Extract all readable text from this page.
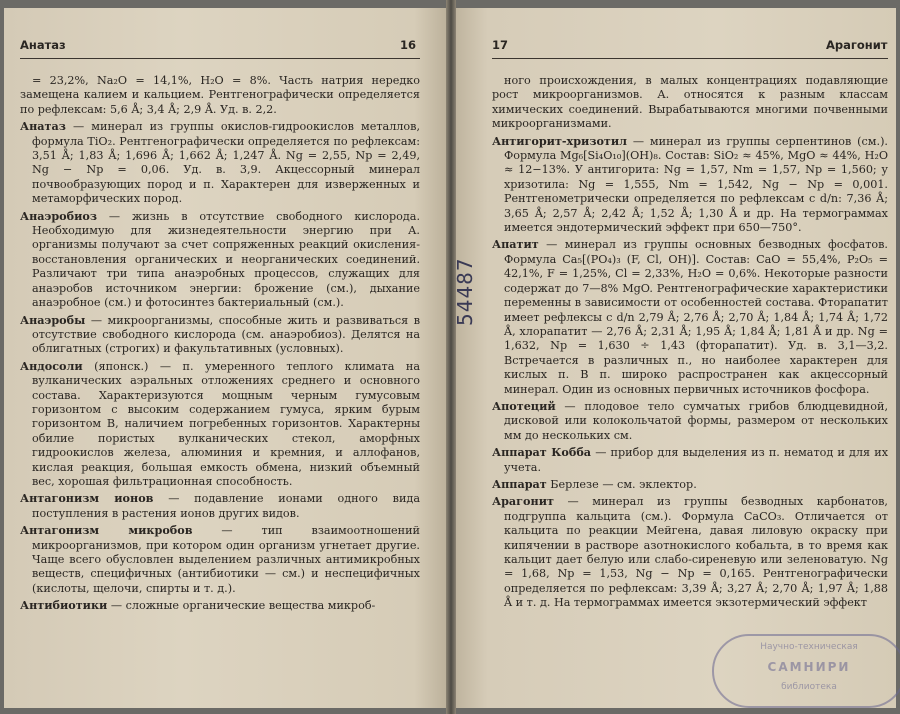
Анатаз	16

= 23,2%, Na₂O = 14,1%, H₂O = 8%. Часть натрия нередко замещена калием и кальцием. Рентгенографически определяется по рефлексам: 5,6 Å; 3,4 Å; 2,9 Å. Уд. в. 2,2.

Анатаз — минерал из группы окислов-гидроокислов металлов, формула TiO₂. Рентгенографически определяется по рефлексам: 3,51 Å; 1,83 Å; 1,696 Å; 1,662 Å; 1,247 Å. Ng = 2,55, Np = 2,49, Ng − Np = 0,06. Уд. в. 3,9. Акцессорный минерал почвообразующих пород и п. Характерен для изверженных и метаморфических пород.

Анаэробиоз — жизнь в отсутствие свободного кислорода. Необходимую для жизнедеятельности энергию при А. организмы получают за счет сопряженных реакций окисления-восстановления органических и неорганических соединений. Различают три типа анаэробных процессов, служащих для анаэробов источником энергии: брожение (см.), дыхание анаэробное (см.) и фотосинтез бактериальный (см.).

Анаэробы — микроорганизмы, способные жить и развиваться в отсутствие свободного кислорода (см. анаэробиоз). Делятся на облигатных (строгих) и факультативных (условных).

Андосоли (японск.) — п. умеренного теплого климата на вулканических аэральных отложениях среднего и основного состава. Характеризуются мощным черным гумусовым горизонтом с высоким содержанием гумуса, ярким бурым горизонтом B, наличием погребенных горизонтов. Характерны обилие пористых вулканических стекол, аморфных гидроокислов железа, алюминия и кремния, и аллофанов, кислая реакция, большая емкость обмена, низкий объемный вес, хорошая фильтрационная способность.

Антагонизм ионов — подавление ионами одного вида поступления в растения ионов других видов.

Антагонизм микробов — тип взаимоотношений микроорганизмов, при котором один организм угнетает другие. Чаще всего обусловлен выделением различных антимикробных веществ, специфичных (антибиотики — см.) и неспецифичных (кислоты, щелочи, спирты и т. д.).

Антибиотики — сложные органические вещества микроб-

17	Арагонит

ного происхождения, в малых концентрациях подавляющие рост микроорганизмов. А. относятся к разным классам химических соединений. Вырабатываются многими почвенными микроорганизмами.

Антигорит-хризотил — минерал из группы серпентинов (см.). Формула Mg₆[Si₄O₁₀](OH)₈. Состав: SiO₂ ≈ 45%, MgO ≈ 44%, H₂O ≈ 12−13%. У антигорита: Ng = 1,57, Nm = 1,57, Np = 1,560; у хризотила: Ng = 1,555, Nm = 1,542, Ng − Np = 0,001. Рентгенометрически определяется по рефлексам с d/n: 7,36 Å; 3,65 Å; 2,57 Å; 2,42 Å; 1,52 Å; 1,30 Å и др. На термограммах имеется эндотермический эффект при 650—750°.

Апатит — минерал из группы основных безводных фосфатов. Формула Ca₅[(PO₄)₃ (F, Cl, OH)]. Состав: CaO = 55,4%, P₂O₅ = 42,1%, F = 1,25%, Cl = 2,33%, H₂O = 0,6%. Некоторые разности содержат до 7—8% MgO. Рентгенографические характеристики переменны в зависимости от особенностей состава. Фторапатит имеет рефлексы с d/n 2,79 Å; 2,76 Å; 2,70 Å; 1,84 Å; 1,74 Å; 1,72 Å, хлорапатит — 2,76 Å; 2,31 Å; 1,95 Å; 1,84 Å; 1,81 Å и др. Ng = 1,632, Np = 1,630 ÷ 1,43 (фторапатит). Уд. в. 3,1—3,2. Встречается в различных п., но наиболее характерен для кислых п. В п. широко распространен как акцессорный минерал. Один из основных первичных источников фосфора.

Апотеций — плодовое тело сумчатых грибов блюдцевидной, дисковой или колокольчатой формы, размером от нескольких мм до нескольких см.

Аппарат Кобба — прибор для выделения из п. нематод и для их учета.

Аппарат Берлезе — см. эклектор.

Арагонит — минерал из группы безводных карбонатов, подгруппа кальцита (см.). Формула CaCO₃. Отличается от кальцита по реакции Мейгена, давая лиловую окраску при кипячении в растворе азотнокислого кобальта, в то время как кальцит дает белую или слабо-сиреневую или зеленоватую. Ng = 1,68, Np = 1,53, Ng − Np = 0,165. Рентгенографически определяется по рефлексам: 3,39 Å; 3,27 Å; 2,70 Å; 1,97 Å; 1,88 Å и т. д. На термограммах имеется экзотермический эффект

54487
Научно-техническая
САМНИРИ
библиотека
